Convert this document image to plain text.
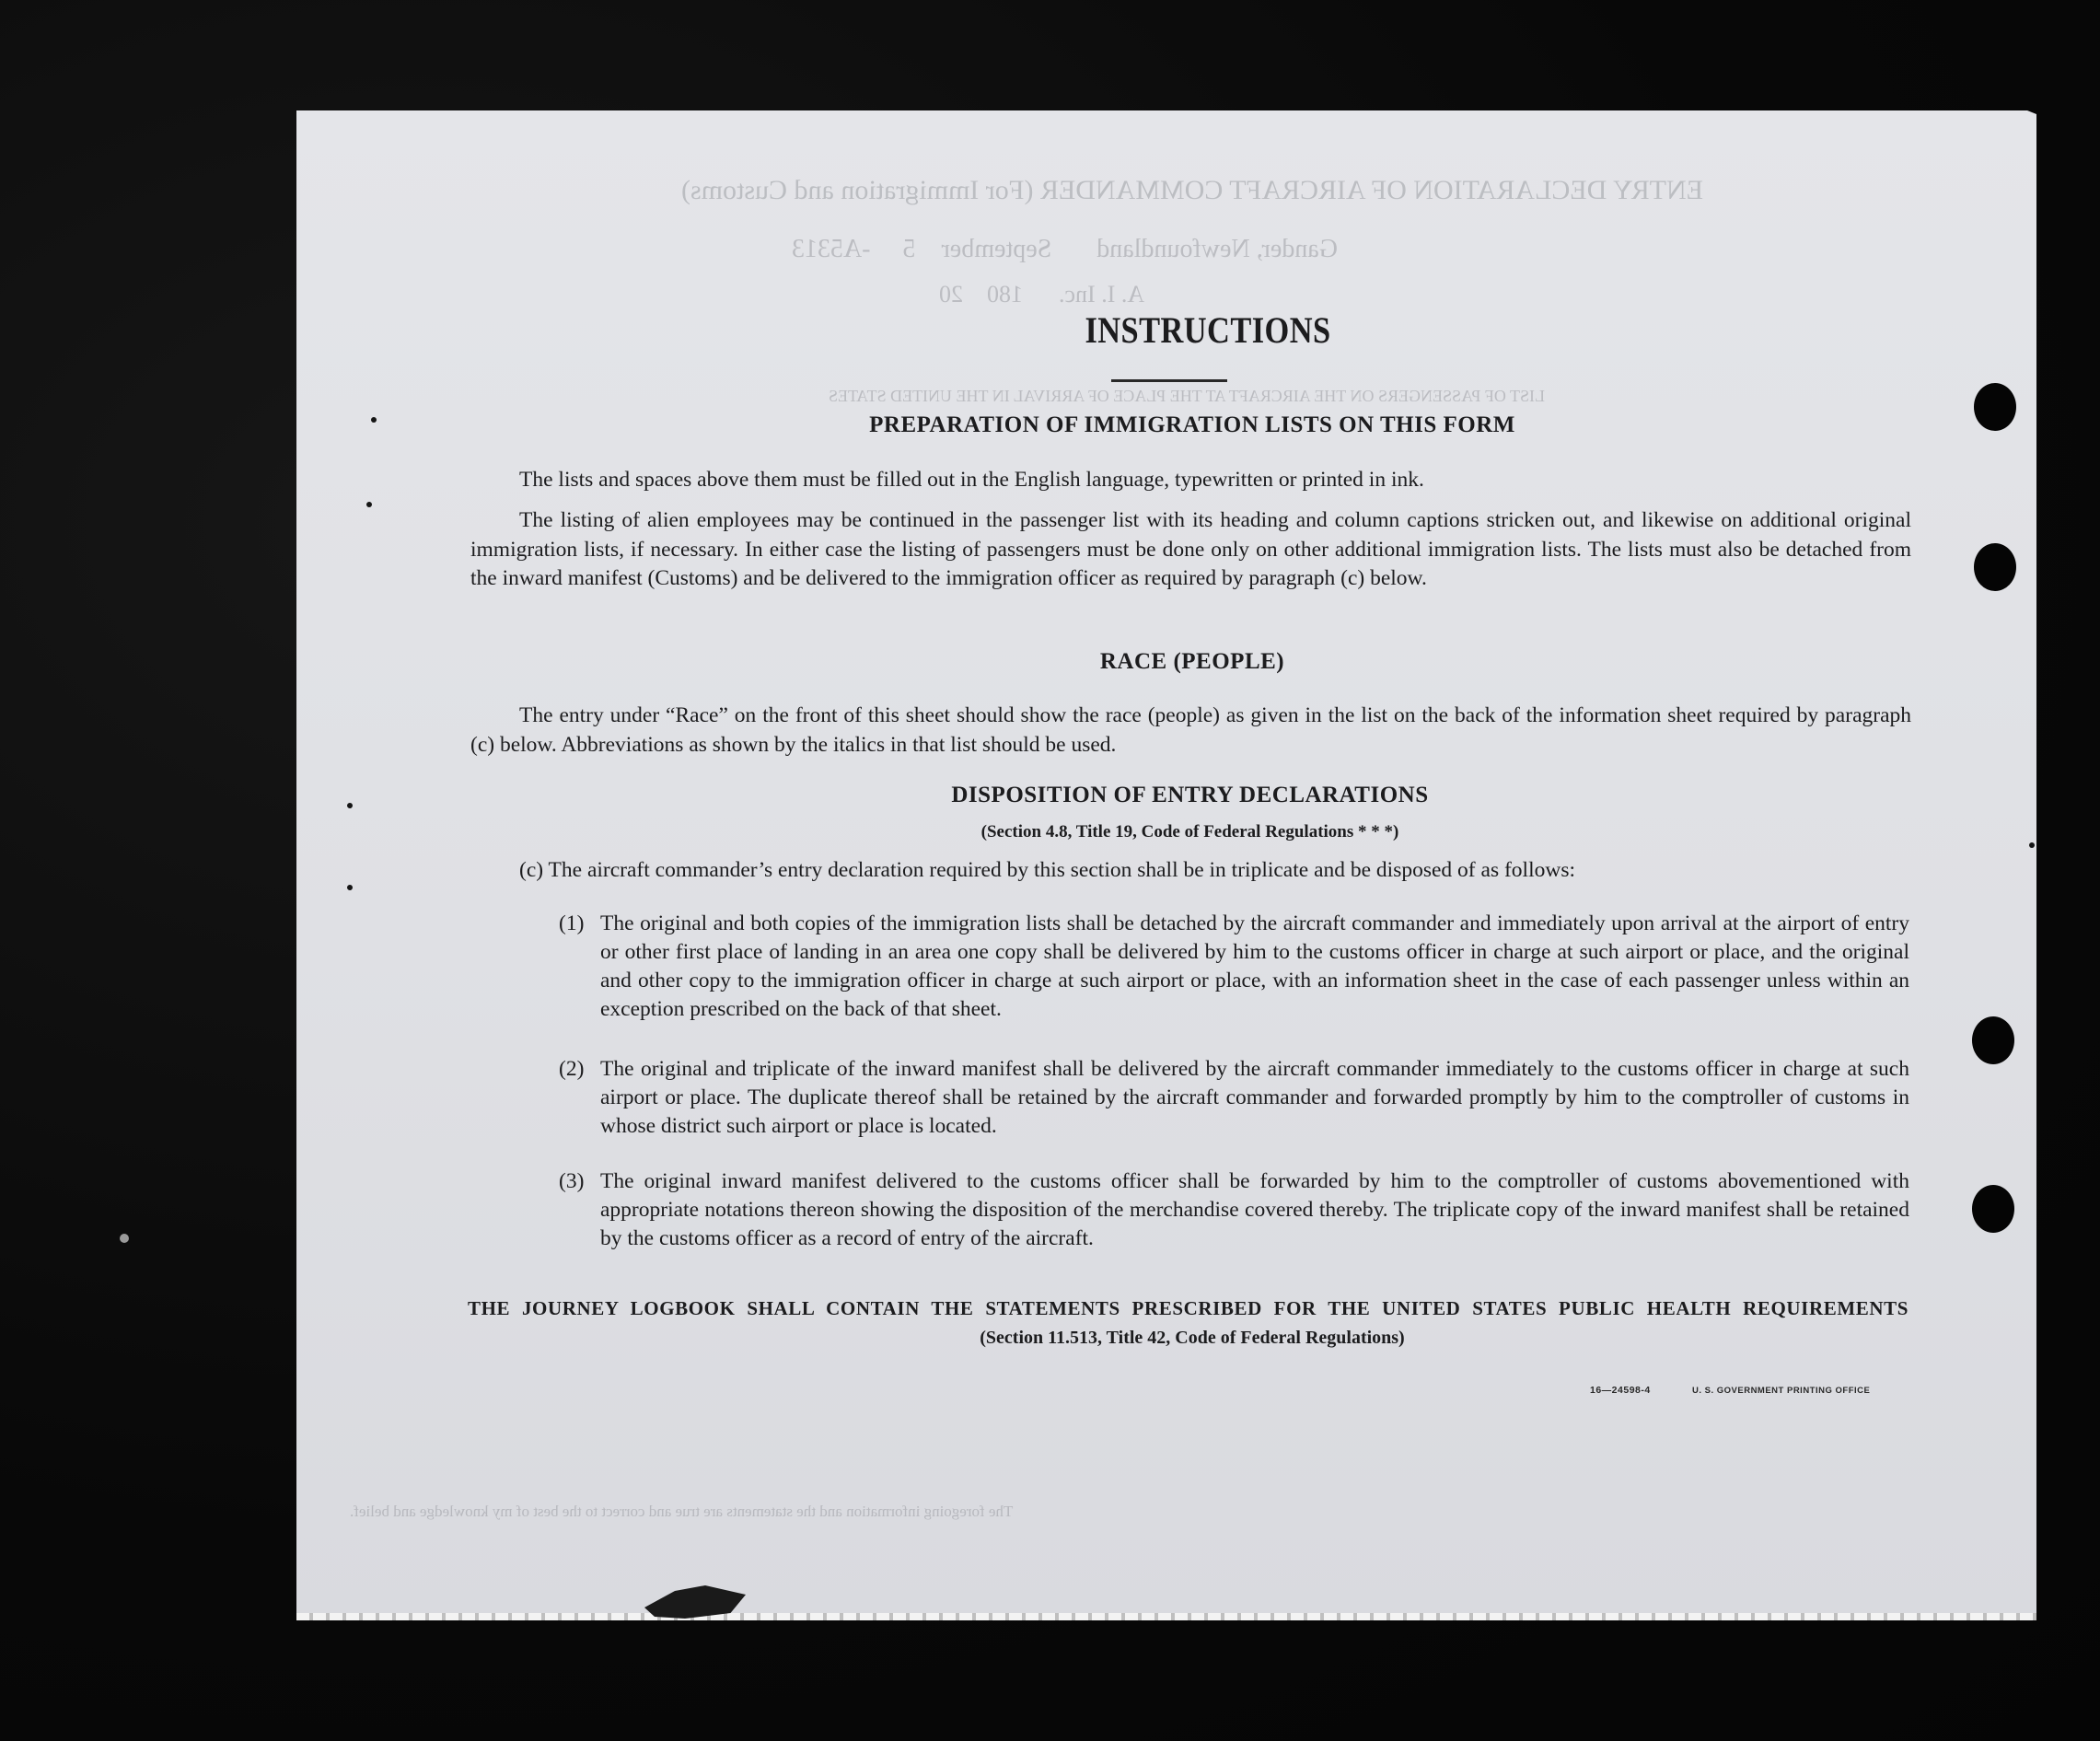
ENTRY DECLARATION OF AIRCRAFT COMMANDER (For Immigration and Customs)
Gander, Newfoundland       September    5     -A5313
A. I. Inc.      180    20
LIST OF PASSENGERS ON THE AIRCRAFT AT THE PLACE OF ARRIVAL IN THE UNITED STATES
The foregoing information and the statements are true and correct to the best of my knowledge and belief.
INSTRUCTIONS
PREPARATION OF IMMIGRATION LISTS ON THIS FORM
The lists and spaces above them must be filled out in the English language, typewritten or printed in ink.
The listing of alien employees may be continued in the passenger list with its heading and column captions stricken out, and likewise on additional original immigration lists, if necessary. In either case the listing of passengers must be done only on other additional immigration lists. The lists must also be detached from the inward manifest (Customs) and be delivered to the immigration officer as required by paragraph (c) below.
RACE (PEOPLE)
The entry under “Race” on the front of this sheet should show the race (people) as given in the list on the back of the information sheet required by paragraph (c) below. Abbreviations as shown by the italics in that list should be used.
DISPOSITION OF ENTRY DECLARATIONS
(Section 4.8, Title 19, Code of Federal Regulations * * *)
(c) The aircraft commander’s entry declaration required by this section shall be in triplicate and be disposed of as follows:
(1) The original and both copies of the immigration lists shall be detached by the aircraft commander and immediately upon arrival at the airport of entry or other first place of landing in an area one copy shall be delivered by him to the customs officer in charge at such airport or place, and the original and other copy to the immigration officer in charge at such airport or place, with an information sheet in the case of each passenger unless within an exception prescribed on the back of that sheet.
(2) The original and triplicate of the inward manifest shall be delivered by the aircraft commander immediately to the customs officer in charge at such airport or place. The duplicate thereof shall be retained by the aircraft commander and forwarded promptly by him to the comptroller of customs in whose district such airport or place is located.
(3) The original inward manifest delivered to the customs officer shall be forwarded by him to the comptroller of customs abovementioned with appropriate notations thereon showing the disposition of the merchandise covered thereby. The triplicate copy of the inward manifest shall be retained by the customs officer as a record of entry of the aircraft.
THE JOURNEY LOGBOOK SHALL CONTAIN THE STATEMENTS PRESCRIBED FOR THE UNITED STATES PUBLIC HEALTH REQUIREMENTS
(Section 11.513, Title 42, Code of Federal Regulations)
16—24598-4	U. S. GOVERNMENT PRINTING OFFICE
